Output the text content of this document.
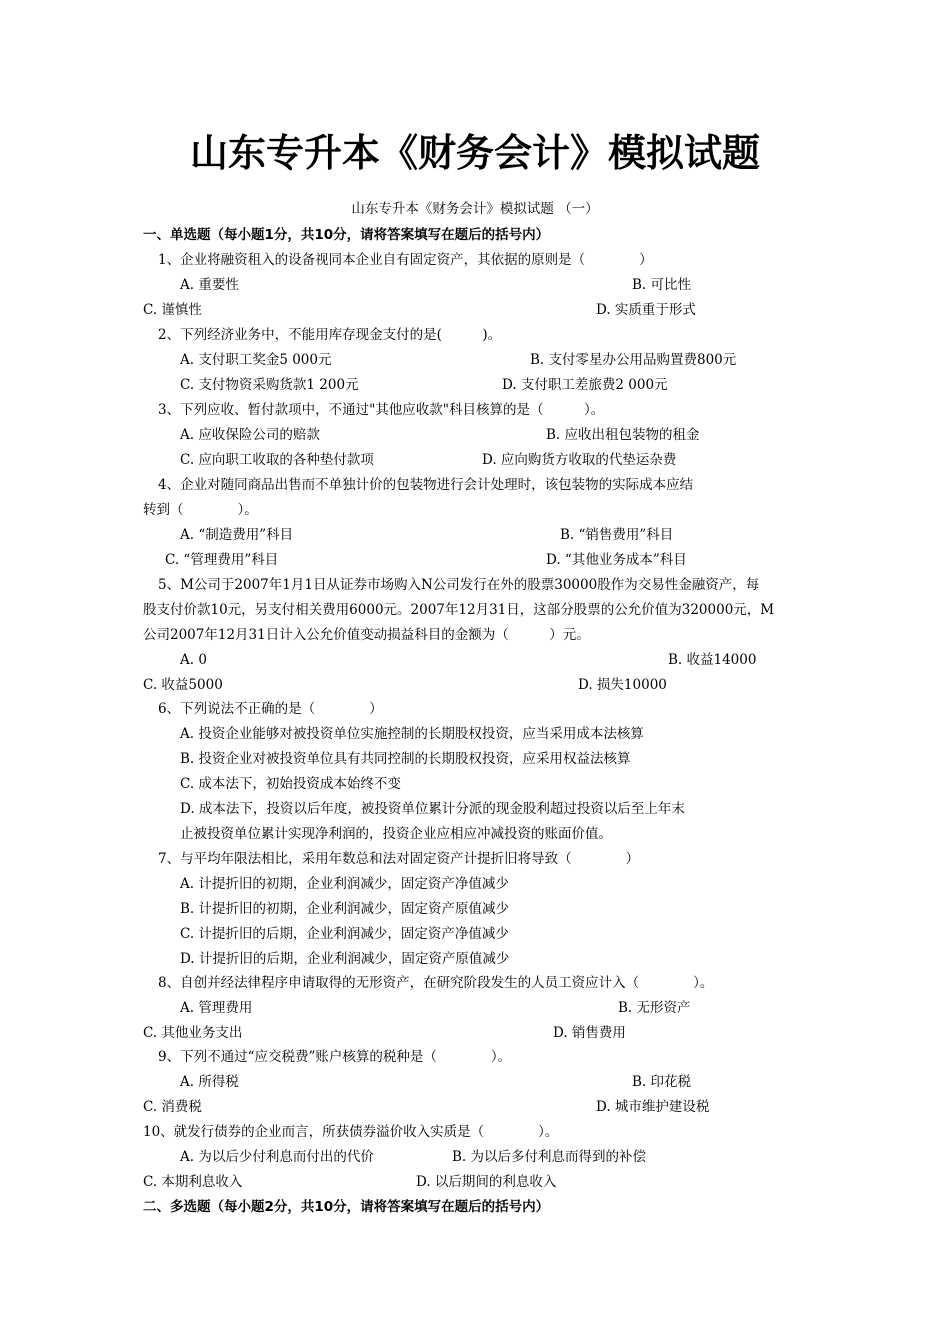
山东专升本《财务会计》模拟试题
山东专升本《财务会计》模拟试题 （一）
一、单选题（每小题1分，共10分，请将答案填写在题后的括号内）
1、企业将融资租入的设备视同本企业自有固定资产，其依据的原则是（　　　　）
A. 重要性	B. 可比性
C. 谨慎性	D. 实质重于形式
2、下列经济业务中，不能用库存现金支付的是(　　　)。
A. 支付职工奖金5 000元	B. 支付零星办公用品购置费800元
C. 支付物资采购货款1 200元	D. 支付职工差旅费2 000元
3、下列应收、暂付款项中，不通过"其他应收款"科目核算的是（　　　）。
A. 应收保险公司的赔款	B. 应收出租包装物的租金
C. 应向职工收取的各种垫付款项	D. 应向购货方收取的代垫运杂费
4、企业对随同商品出售而不单独计价的包装物进行会计处理时，该包装物的实际成本应结
转到（　　　　）。
A. “制造费用”科目	B. “销售费用”科目
C. “管理费用”科目	D. “其他业务成本”科目
5、M公司于2007年1月1日从证券市场购入N公司发行在外的股票30000股作为交易性金融资产，每
股支付价款10元，另支付相关费用6000元。2007年12月31日，这部分股票的公允价值为320000元，M
公司2007年12月31日计入公允价值变动损益科目的金额为（　　　）元。
A. 0	B. 收益14000
C. 收益5000	D. 损失10000
6、下列说法不正确的是（　　　　）
A. 投资企业能够对被投资单位实施控制的长期股权投资，应当采用成本法核算
B. 投资企业对被投资单位具有共同控制的长期股权投资，应采用权益法核算
C. 成本法下，初始投资成本始终不变
D. 成本法下，投资以后年度，被投资单位累计分派的现金股利超过投资以后至上年末
止被投资单位累计实现净利润的，投资企业应相应冲减投资的账面价值。
7、与平均年限法相比，采用年数总和法对固定资产计提折旧将导致（　　　　）
A. 计提折旧的初期，企业利润减少，固定资产净值减少
B. 计提折旧的初期，企业利润减少，固定资产原值减少
C. 计提折旧的后期，企业利润减少，固定资产净值减少
D. 计提折旧的后期，企业利润减少，固定资产原值减少
8、自创并经法律程序申请取得的无形资产，在研究阶段发生的人员工资应计入（　　　　）。
A. 管理费用	B. 无形资产
C. 其他业务支出	D. 销售费用
9、下列不通过“应交税费”账户核算的税种是（　　　　）。
A. 所得税	B. 印花税
C. 消费税	D. 城市维护建设税
10、就发行债券的企业而言，所获债券溢价收入实质是（　　　　）。
A. 为以后少付利息而付出的代价	B. 为以后多付利息而得到的补偿
C. 本期利息收入	D. 以后期间的利息收入
二、多选题（每小题2分，共10分，请将答案填写在题后的括号内）
